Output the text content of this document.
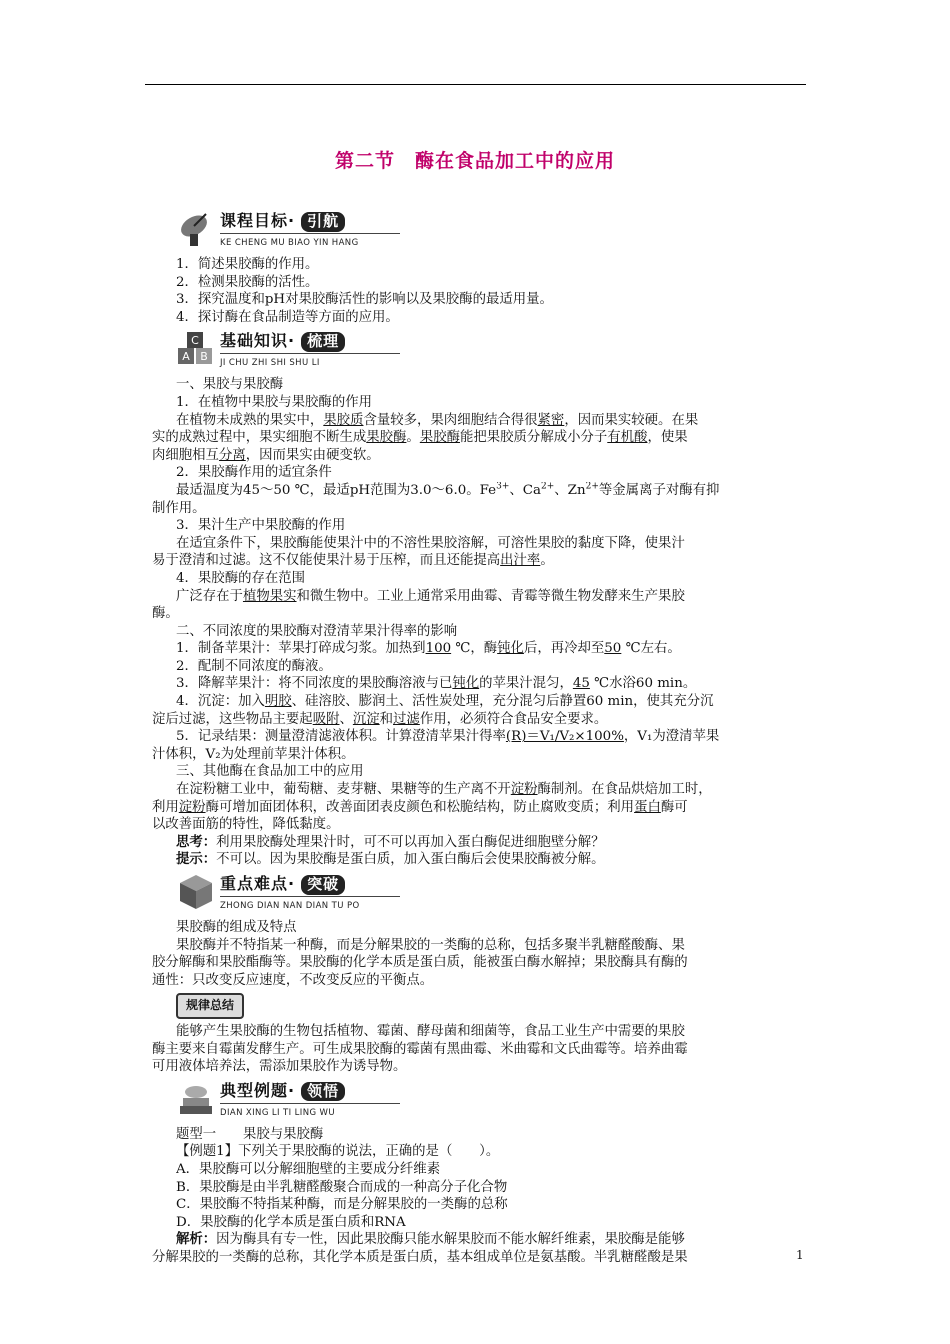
第二节　酶在食品加工中的应用
课程目标· 引航
KE CHENG MU BIAO YIN HANG
1．简述果胶酶的作用。
2．检测果胶酶的活性。
3．探究温度和pH对果胶酶活性的影响以及果胶酶的最适用量。
4．探讨酶在食品制造等方面的应用。
C
A B
基础知识· 梳理
JI CHU ZHI SHI SHU LI
一、果胶与果胶酶
1．在植物中果胶与果胶酶的作用
在植物未成熟的果实中，果胶质含量较多，果肉细胞结合得很紧密，因而果实较硬。在果
实的成熟过程中，果实细胞不断生成果胶酶。果胶酶能把果胶质分解成小分子有机酸，使果
肉细胞相互分离，因而果实由硬变软。
2．果胶酶作用的适宜条件
最适温度为45～50 ℃，最适pH范围为3.0～6.0。$Fe^{3+}$、$Ca^{2+}$、$Zn^{2+}$等金属离子对酶有抑
制作用。
3．果汁生产中果胶酶的作用
在适宜条件下，果胶酶能使果汁中的不溶性果胶溶解，可溶性果胶的黏度下降，使果汁
易于澄清和过滤。这不仅能使果汁易于压榨，而且还能提高出汁率。
4．果胶酶的存在范围
广泛存在于植物果实和微生物中。工业上通常采用曲霉、青霉等微生物发酵来生产果胶
酶。
二、不同浓度的果胶酶对澄清苹果汁得率的影响
1．制备苹果汁：苹果打碎成匀浆。加热到100 ℃，酶钝化后，再冷却至50 ℃左右。
2．配制不同浓度的酶液。
3．降解苹果汁：将不同浓度的果胶酶溶液与已钝化的苹果汁混匀，45 ℃水浴60 min。
4．沉淀：加入明胶、硅溶胶、膨润土、活性炭处理，充分混匀后静置60 min，使其充分沉
淀后过滤，这些物品主要起吸附、沉淀和过滤作用，必须符合食品安全要求。
5．记录结果：测量澄清滤液体积。计算澄清苹果汁得率(R)＝V₁/V₂×100%，V₁为澄清苹果
汁体积，V₂为处理前苹果汁体积。
三、其他酶在食品加工中的应用
在淀粉糖工业中，葡萄糖、麦芽糖、果糖等的生产离不开淀粉酶制剂。在食品烘焙加工时，
利用淀粉酶可增加面团体积，改善面团表皮颜色和松脆结构，防止腐败变质；利用蛋白酶可
以改善面筋的特性，降低黏度。
思考：利用果胶酶处理果汁时，可不可以再加入蛋白酶促进细胞壁分解？
提示：不可以。因为果胶酶是蛋白质，加入蛋白酶后会使果胶酶被分解。
重点难点· 突破
ZHONG DIAN NAN DIAN TU PO
果胶酶的组成及特点
果胶酶并不特指某一种酶，而是分解果胶的一类酶的总称，包括多聚半乳糖醛酸酶、果
胶分解酶和果胶酯酶等。果胶酶的化学本质是蛋白质，能被蛋白酶水解掉；果胶酶具有酶的
通性：只改变反应速度，不改变反应的平衡点。
规律总结
能够产生果胶酶的生物包括植物、霉菌、酵母菌和细菌等，食品工业生产中需要的果胶
酶主要来自霉菌发酵生产。可生成果胶酶的霉菌有黑曲霉、米曲霉和文氏曲霉等。培养曲霉
可用液体培养法，需添加果胶作为诱导物。
典型例题· 领悟
DIAN XING LI TI LING WU
题型一　　果胶与果胶酶
【例题1】下列关于果胶酶的说法，正确的是（　　）。
A．果胶酶可以分解细胞壁的主要成分纤维素
B．果胶酶是由半乳糖醛酸聚合而成的一种高分子化合物
C．果胶酶不特指某种酶，而是分解果胶的一类酶的总称
D．果胶酶的化学本质是蛋白质和RNA
解析：因为酶具有专一性，因此果胶酶只能水解果胶而不能水解纤维素，果胶酶是能够
分解果胶的一类酶的总称，其化学本质是蛋白质，基本组成单位是氨基酸。半乳糖醛酸是果	1
